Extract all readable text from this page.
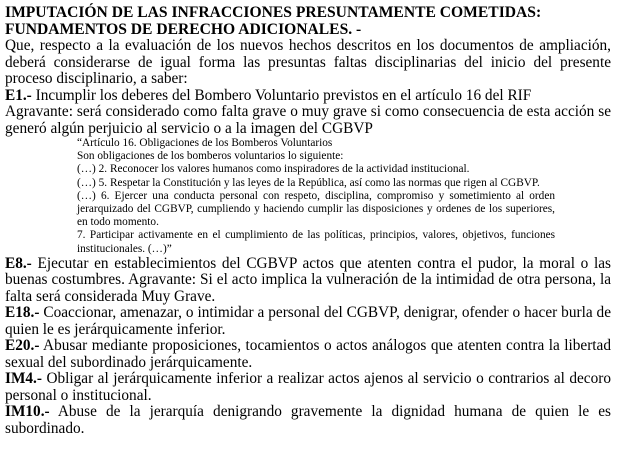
IMPUTACIÓN DE LAS INFRACCIONES PRESUNTAMENTE COMETIDAS:
FUNDAMENTOS DE DERECHO ADICIONALES. -

Que, respecto a la evaluación de los nuevos hechos descritos en los documentos de ampliación, deberá considerarse de igual forma las presuntas faltas disciplinarias del inicio del presente proceso disciplinario, a saber:

E1.- Incumplir los deberes del Bombero Voluntario previstos en el artículo 16 del RIF

Agravante: será considerado como falta grave o muy grave si como consecuencia de esta acción se generó algún perjuicio al servicio o a la imagen del CGBVP

“Artículo 16. Obligaciones de los Bomberos Voluntarios

Son obligaciones de los bomberos voluntarios lo siguiente:

(…) 2. Reconocer los valores humanos como inspiradores de la actividad institucional.

(…) 5. Respetar la Constitución y las leyes de la República, así como las normas que rigen al CGBVP.

(…) 6. Ejercer una conducta personal con respeto, disciplina, compromiso y sometimiento al orden jerarquizado del CGBVP, cumpliendo y haciendo cumplir las disposiciones y ordenes de los superiores, en todo momento.

7. Participar activamente en el cumplimiento de las políticas, principios, valores, objetivos, funciones institucionales. (…)”

E8.- Ejecutar en establecimientos del CGBVP actos que atenten contra el pudor, la moral o las buenas costumbres. Agravante: Si el acto implica la vulneración de la intimidad de otra persona, la falta será considerada Muy Grave.

E18.- Coaccionar, amenazar, o intimidar a personal del CGBVP, denigrar, ofender o hacer burla de quien le es jerárquicamente inferior.

E20.- Abusar mediante proposiciones, tocamientos o actos análogos que atenten contra la libertad sexual del subordinado jerárquicamente.

IM4.- Obligar al jerárquicamente inferior a realizar actos ajenos al servicio o contrarios al decoro personal o institucional.

IM10.- Abuse de la jerarquía denigrando gravemente la dignidad humana de quien le es subordinado.
